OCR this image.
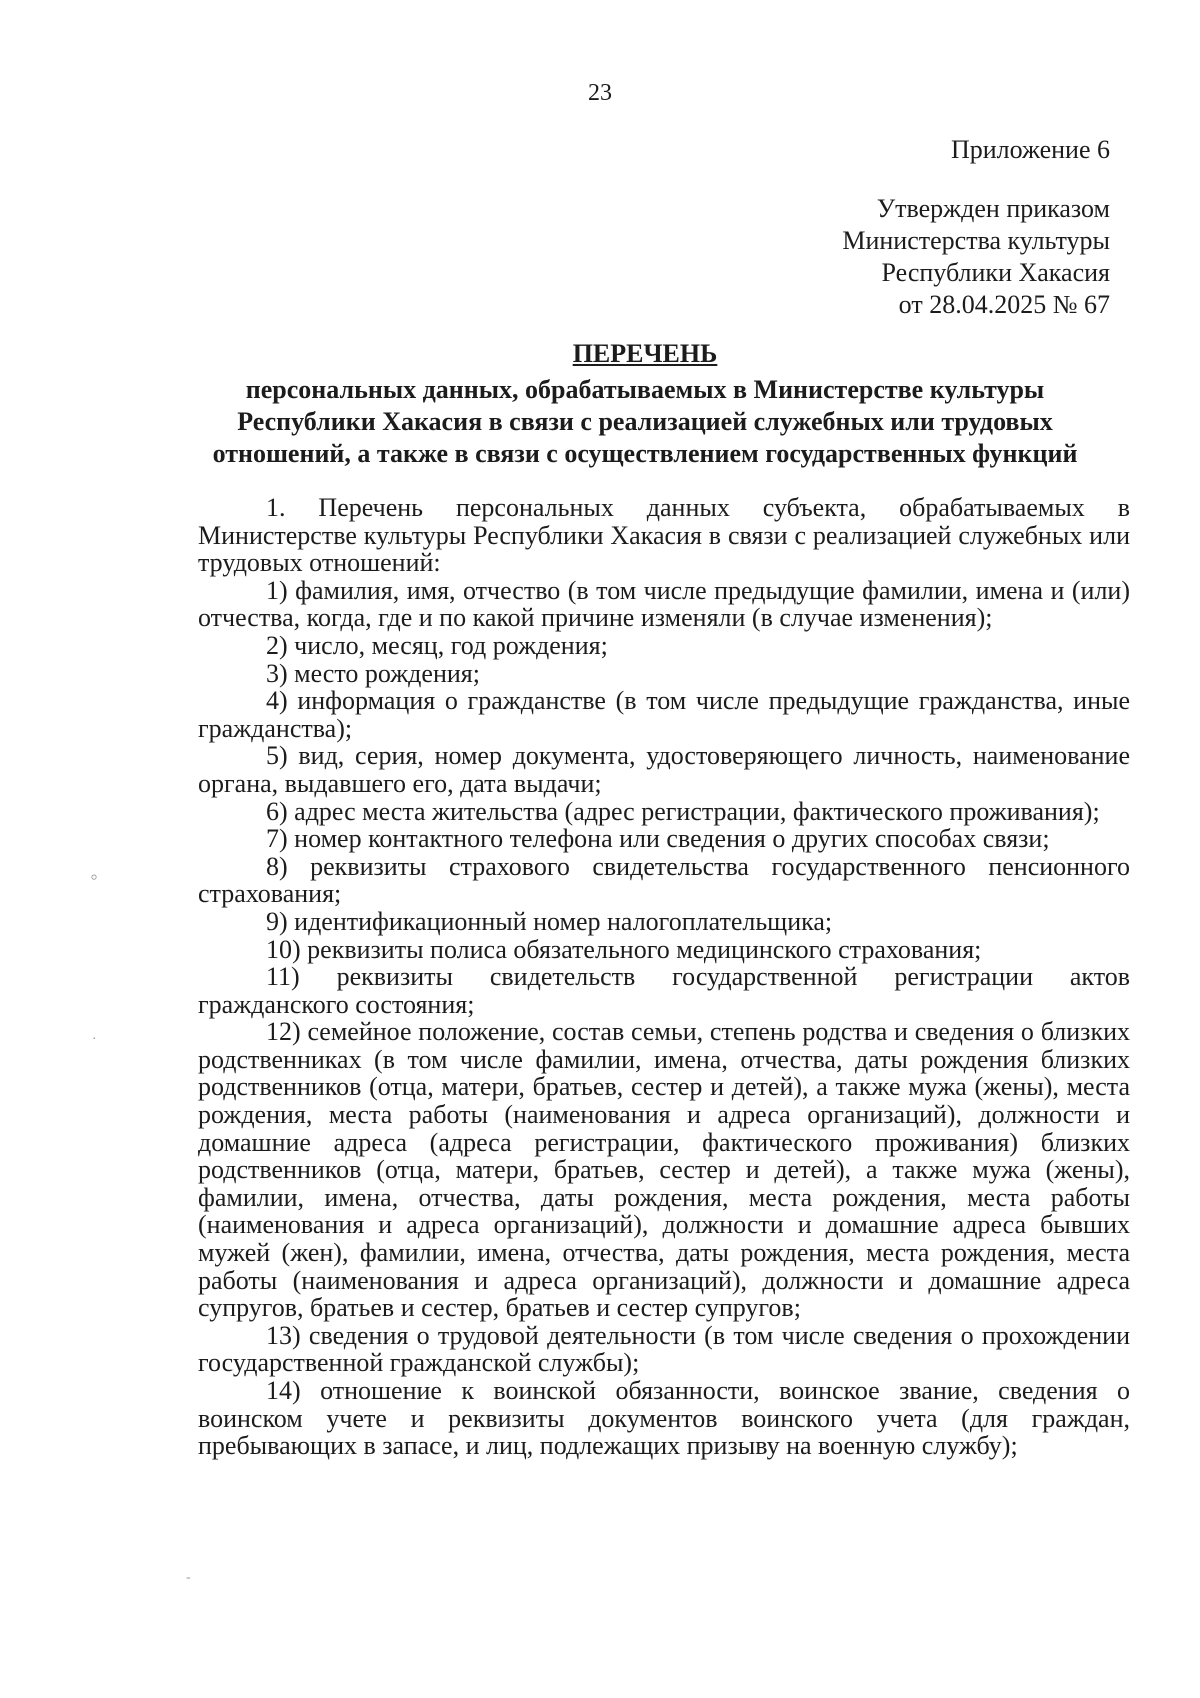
23
Приложение 6
Утвержден приказом
Министерства культуры
Республики Хакасия
от 28.04.2025 № 67
ПЕРЕЧЕНЬ
персональных данных, обрабатываемых в Министерстве культуры
Республики Хакасия в связи с реализацией служебных или трудовых
отношений, а также в связи с осуществлением государственных функций
1. Перечень персональных данных субъекта, обрабатываемых в Министерстве культуры Республики Хакасия в связи с реализацией служебных или трудовых отношений:
1) фамилия, имя, отчество (в том числе предыдущие фамилии, имена и (или) отчества, когда, где и по какой причине изменяли (в случае изменения);
2) число, месяц, год рождения;
3) место рождения;
4) информация о гражданстве (в том числе предыдущие гражданства, иные гражданства);
5) вид, серия, номер документа, удостоверяющего личность, наименование органа, выдавшего его, дата выдачи;
6) адрес места жительства (адрес регистрации, фактического проживания);
7) номер контактного телефона или сведения о других способах связи;
8) реквизиты страхового свидетельства государственного пенсионного страхования;
9) идентификационный номер налогоплательщика;
10) реквизиты полиса обязательного медицинского страхования;
11) реквизиты свидетельств государственной регистрации актов гражданского состояния;
12) семейное положение, состав семьи, степень родства и сведения о близких родственниках (в том числе фамилии, имена, отчества, даты рождения близких родственников (отца, матери, братьев, сестер и детей), а также мужа (жены), места рождения, места работы (наименования и адреса организаций), должности и домашние адреса (адреса регистрации, фактического проживания) близких родственников (отца, матери, братьев, сестер и детей), а также мужа (жены), фамилии, имена, отчества, даты рождения, места рождения, места работы (наименования и адреса организаций), должности и домашние адреса бывших мужей (жен), фамилии, имена, отчества, даты рождения, места рождения, места работы (наименования и адреса организаций), должности и домашние адреса супругов, братьев и сестер, братьев и сестер супругов;
13) сведения о трудовой деятельности (в том числе сведения о прохождении государственной гражданской службы);
14) отношение к воинской обязанности, воинское звание, сведения о воинском учете и реквизиты документов воинского учета (для граждан, пребывающих в запасе, и лиц, подлежащих призыву на военную службу);
⸰
·
-
